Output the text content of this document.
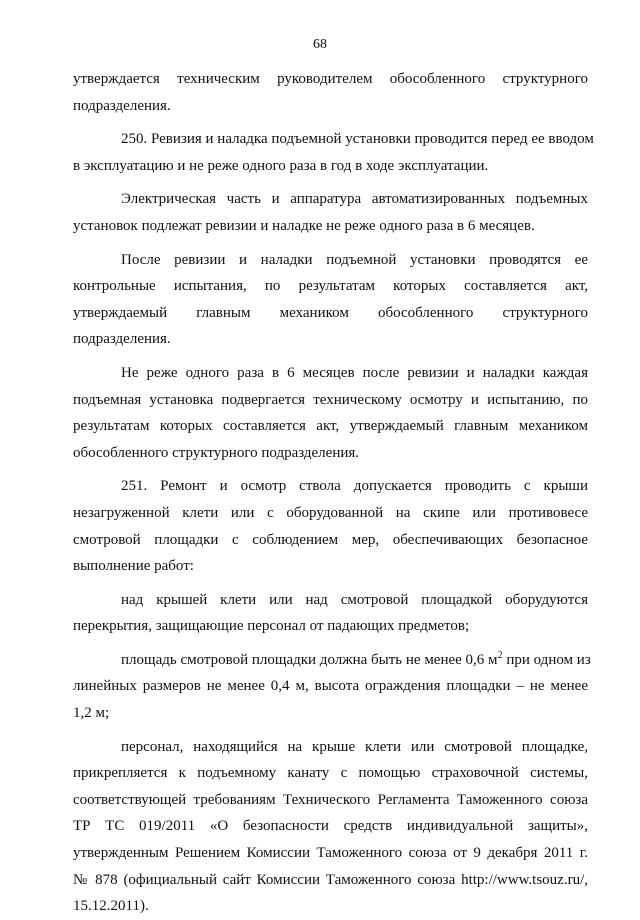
68
утверждается техническим руководителем обособленного структурного
подразделения.
250. Ревизия и наладка подъемной установки проводится перед ее вводом
в эксплуатацию и не реже одного раза в год в ходе эксплуатации.
Электрическая часть и аппаратура автоматизированных подъемных
установок подлежат ревизии и наладке не реже одного раза в 6 месяцев.
После ревизии и наладки подъемной установки проводятся ее
контрольные испытания, по результатам которых составляется акт,
утверждаемый главным механиком обособленного структурного
подразделения.
Не реже одного раза в 6 месяцев после ревизии и наладки каждая
подъемная установка подвергается техническому осмотру и испытанию, по
результатам которых составляется акт, утверждаемый главным механиком
обособленного структурного подразделения.
251. Ремонт и осмотр ствола допускается проводить с крыши
незагруженной клети или с оборудованной на скипе или противовесе
смотровой площадки с соблюдением мер, обеспечивающих безопасное
выполнение работ:
над крышей клети или над смотровой площадкой оборудуются
перекрытия, защищающие персонал от падающих предметов;
площадь смотровой площадки должна быть не менее 0,6 $м^2$ при одном из
линейных размеров не менее 0,4 м, высота ограждения площадки – не менее
1,2 м;
персонал, находящийся на крыше клети или смотровой площадке,
прикрепляется к подъемному канату с помощью страховочной системы,
соответствующей требованиям Технического Регламента Таможенного союза
ТР ТС 019/2011 «О безопасности средств индивидуальной защиты»,
утвержденным Решением Комиссии Таможенного союза от 9 декабря 2011 г.
№ 878 (официальный сайт Комиссии Таможенного союза http://www.tsouz.ru/,
15.12.2011).
